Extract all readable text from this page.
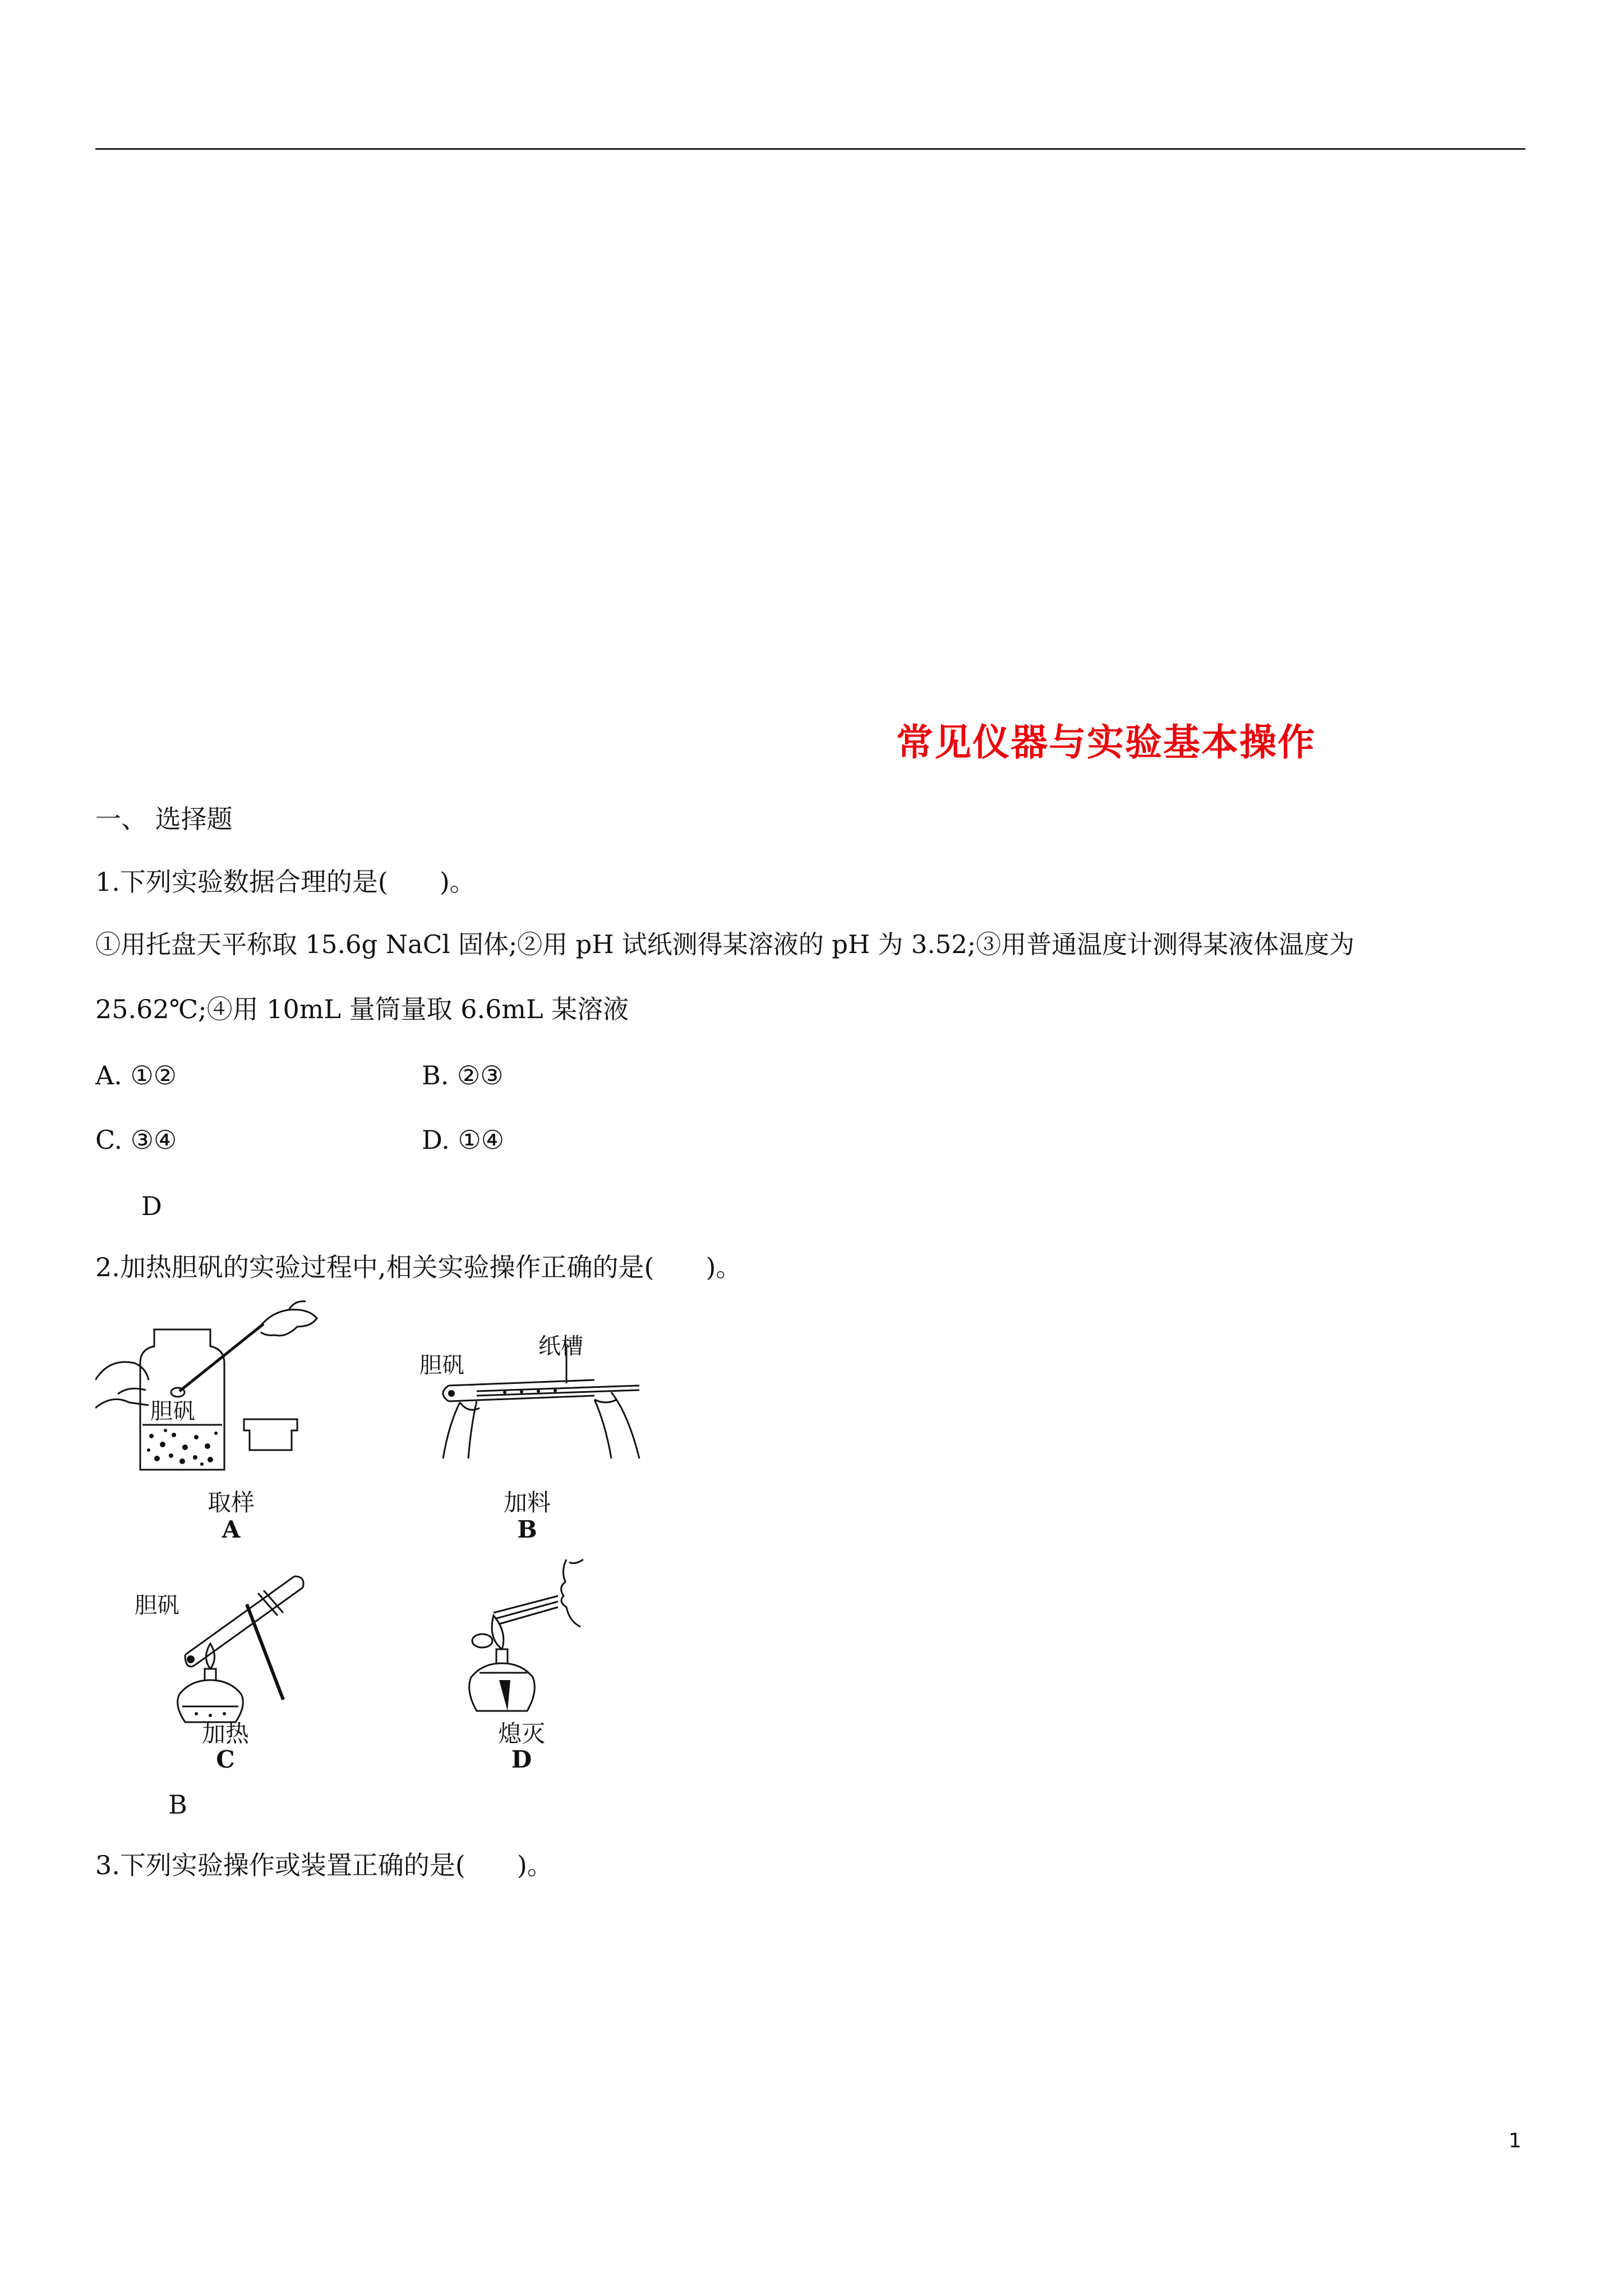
常见仪器与实验基本操作
一、 选择题
1.下列实验数据合理的是(　　)。
①用托盘天平称取 15.6g NaCl 固体;②用 pH 试纸测得某溶液的 pH 为 3.52;③用普通温度计测得某液体温度为
25.62℃;④用 10mL 量筒量取 6.6mL 某溶液
A. ①②	B. ②③
C. ③④	D. ①④
D
2.加热胆矾的实验过程中,相关实验操作正确的是(　　)。
胆矾
取样
A
胆矾
纸槽
加料
B
胆矾
加热
C
熄灭
D
B
3.下列实验操作或装置正确的是(　　)。
1
